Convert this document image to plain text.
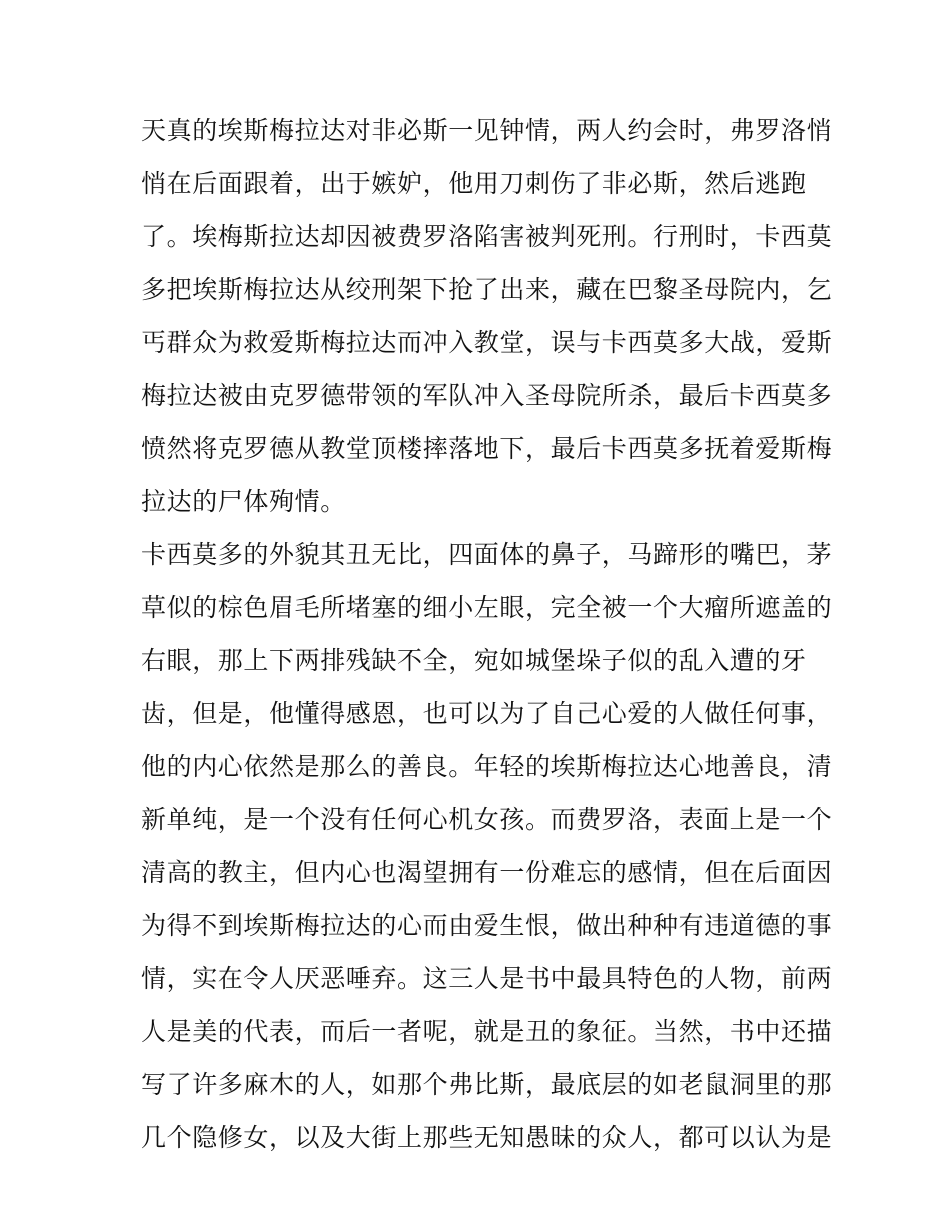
天真的埃斯梅拉达对非必斯一见钟情，两人约会时，弗罗洛悄
悄在后面跟着，出于嫉妒，他用刀刺伤了非必斯，然后逃跑
了。埃梅斯拉达却因被费罗洛陷害被判死刑。行刑时，卡西莫
多把埃斯梅拉达从绞刑架下抢了出来，藏在巴黎圣母院内，乞
丐群众为救爱斯梅拉达而冲入教堂，误与卡西莫多大战，爱斯
梅拉达被由克罗德带领的军队冲入圣母院所杀，最后卡西莫多
愤然将克罗德从教堂顶楼摔落地下，最后卡西莫多抚着爱斯梅
拉达的尸体殉情。
卡西莫多的外貌其丑无比，四面体的鼻子，马蹄形的嘴巴，茅
草似的棕色眉毛所堵塞的细小左眼，完全被一个大瘤所遮盖的
右眼，那上下两排残缺不全，宛如城堡垛子似的乱入遭的牙
齿，但是，他懂得感恩，也可以为了自己心爱的人做任何事，
他的内心依然是那么的善良。年轻的埃斯梅拉达心地善良，清
新单纯，是一个没有任何心机女孩。而费罗洛，表面上是一个
清高的教主，但内心也渴望拥有一份难忘的感情，但在后面因
为得不到埃斯梅拉达的心而由爱生恨，做出种种有违道德的事
情，实在令人厌恶唾弃。这三人是书中最具特色的人物，前两
人是美的代表，而后一者呢，就是丑的象征。当然，书中还描
写了许多麻木的人，如那个弗比斯，最底层的如老鼠洞里的那
几个隐修女，以及大街上那些无知愚昧的众人，都可以认为是
